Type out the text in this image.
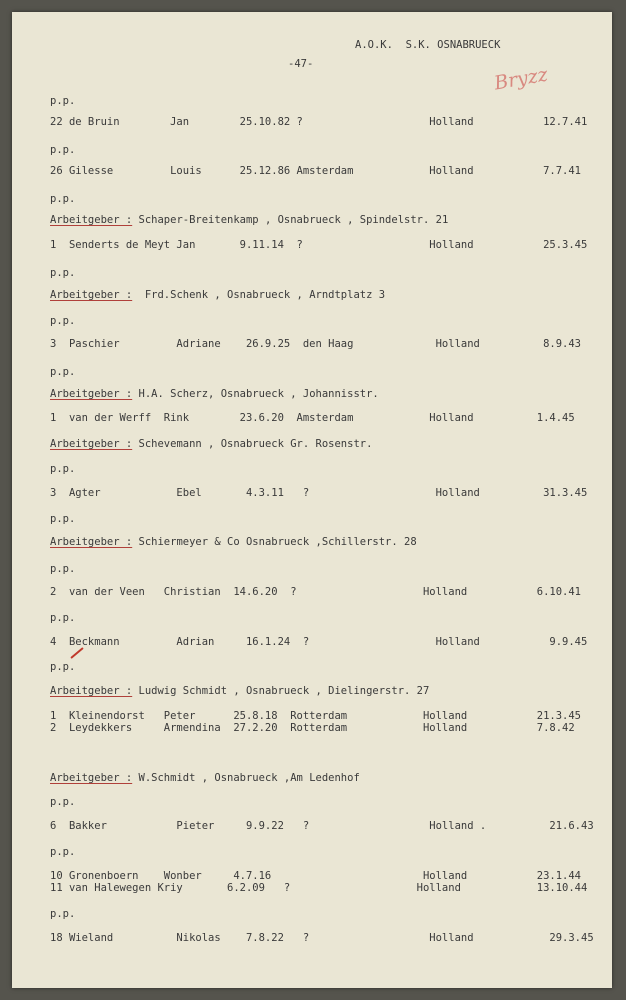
A.O.K.  S.K. OSNABRUECK
-47-	Bryzz
p.p.
22 de Bruin        Jan        25.10.82 ?                    Holland           12.7.41
p.p.
26 Gilesse         Louis      25.12.86 Amsterdam            Holland           7.7.41
p.p.
Arbeitgeber : Schaper-Breitenkamp , Osnabrueck , Spindelstr. 21
1  Senderts de Meyt Jan       9.11.14  ?                    Holland           25.3.45
p.p.
Arbeitgeber : Frd.Schenk , Osnabrueck , Arndtplatz 3
p.p.
3  Paschier         Adriane    26.9.25  den Haag             Holland          8.9.43
p.p.
Arbeitgeber : H.A. Scherz, Osnabrueck , Johannisstr.
1  van der Werff  Rink        23.6.20  Amsterdam            Holland          1.4.45
Arbeitgeber : Schevemann , Osnabrueck Gr. Rosenstr.
p.p.
3  Agter            Ebel       4.3.11   ?                    Holland          31.3.45
p.p.
Arbeitgeber : Schiermeyer & Co Osnabrueck ,Schillerstr. 28
p.p.
2  van der Veen   Christian  14.6.20  ?                    Holland           6.10.41
p.p.
4  Beckmann         Adrian     16.1.24  ?                    Holland           9.9.45
p.p.
Arbeitgeber : Ludwig Schmidt , Osnabrueck , Dielingerstr. 27
1  Kleinendorst   Peter      25.8.18  Rotterdam            Holland           21.3.45
2  Leydekkers     Armendina  27.2.20  Rotterdam            Holland           7.8.42
Arbeitgeber : W.Schmidt , Osnabrueck ,Am Ledenhof
p.p.
6  Bakker           Pieter     9.9.22   ?                   Holland .          21.6.43
p.p.
10 Gronenboern    Wonber     4.7.16                        Holland           23.1.44
11 van Halewegen Kriy       6.2.09   ?                    Holland            13.10.44
p.p.
18 Wieland          Nikolas    7.8.22   ?                   Holland            29.3.45
